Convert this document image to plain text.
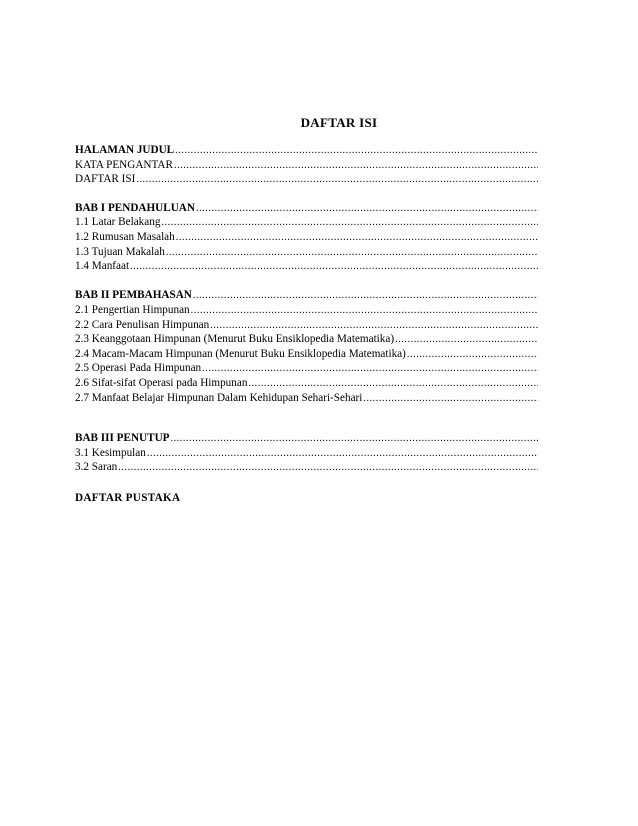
DAFTAR ISI
HALAMAN JUDUL
.....
KATA PENGANTAR
.....
DAFTAR ISI
.....
BAB I PENDAHULUAN
.....
1.1 Latar Belakang
.....
1.2 Rumusan Masalah
.....
1.3 Tujuan Makalah
.....
1.4 Manfaat
.....
BAB II PEMBAHASAN
.....
2.1 Pengertian Himpunan
.....
2.2 Cara Penulisan Himpunan
.....
2.3 Keanggotaan Himpunan (Menurut Buku Ensiklopedia Matematika)
.....
2.4 Macam-Macam Himpunan (Menurut Buku Ensiklopedia Matematika)
.....
2.5 Operasi Pada Himpunan
.....
2.6 Sifat-sifat Operasi pada Himpunan
.....
2.7 Manfaat Belajar Himpunan Dalam Kehidupan Sehari-Sehari
.....
BAB III PENUTUP
.....
3.1 Kesimpulan
.....
3.2 Saran
.....
DAFTAR PUSTAKA
